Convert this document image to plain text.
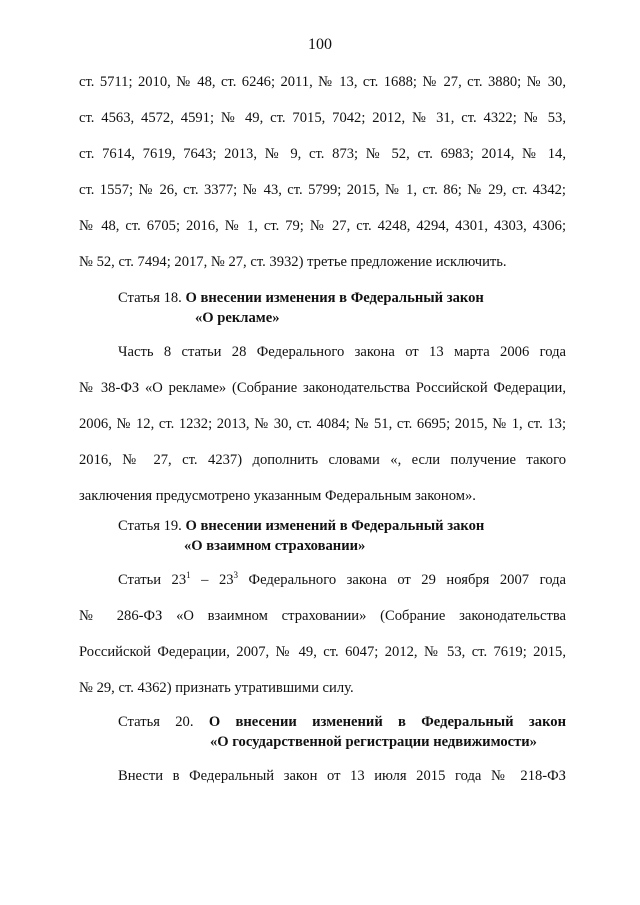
100
ст. 5711; 2010, № 48, ст. 6246; 2011, № 13, ст. 1688; № 27, ст. 3880; № 30,
ст. 4563, 4572, 4591; № 49, ст. 7015, 7042; 2012, № 31, ст. 4322; № 53,
ст. 7614, 7619, 7643; 2013, № 9, ст. 873; № 52, ст. 6983; 2014, № 14,
ст. 1557; № 26, ст. 3377; № 43, ст. 5799; 2015, № 1, ст. 86; № 29, ст. 4342;
№ 48, ст. 6705; 2016, № 1, ст. 79; № 27, ст. 4248, 4294, 4301, 4303, 4306;
№ 52, ст. 7494; 2017, № 27, ст. 3932) третье предложение исключить.
Статья 18. О внесении изменения в Федеральный закон
«О рекламе»
Часть 8 статьи 28 Федерального закона от 13 марта 2006 года
№ 38-ФЗ «О рекламе» (Собрание законодательства Российской Федерации,
2006, № 12, ст. 1232; 2013, № 30, ст. 4084; № 51, ст. 6695; 2015, № 1, ст. 13;
2016, № 27, ст. 4237) дополнить словами «, если получение такого
заключения предусмотрено указанным Федеральным законом».
Статья 19. О внесении изменений в Федеральный закон
«О взаимном страховании»
Статьи $23^1 - 23^3$ Федерального закона от 29 ноября 2007 года
№ 286-ФЗ «О взаимном страховании» (Собрание законодательства
Российской Федерации, 2007, № 49, ст. 6047; 2012, № 53, ст. 7619; 2015,
№ 29, ст. 4362) признать утратившими силу.
Статья 20. О внесении изменений в Федеральный закон
«О государственной регистрации недвижимости»
Внести в Федеральный закон от 13 июля 2015 года № 218-ФЗ
